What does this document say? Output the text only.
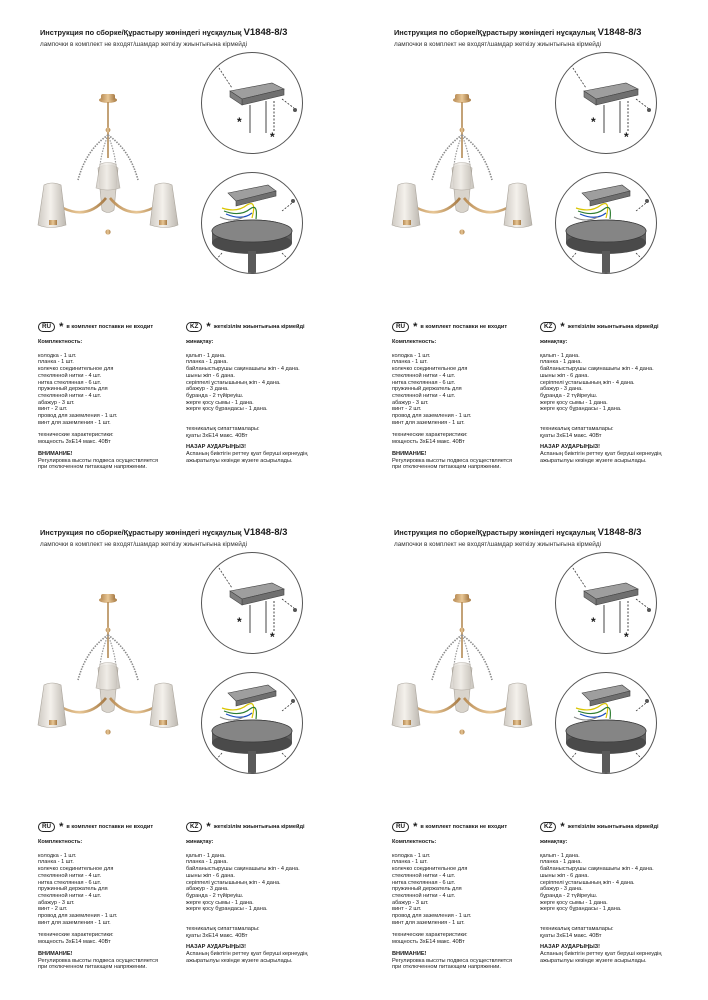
Инструкция по сборке/Құрастыру жөніндегі нұсқаулық V1848-8/3
лампочки в комплект не входят/шамдар жеткізу жиынтығына кірмейді
*
*
RU * в комплект поставки не входит
Комплектность:
колодка - 1 шт.
планка - 1 шт.
колечко соединительное для
стеклянной нитки - 4 шт.
нитка стеклянная - 6 шт.
пружинный держатель для
стеклянной нитки - 4 шт.
абажур - 3 шт.
винт - 2 шт.
провод для заземления - 1 шт.
винт для заземления - 1 шт.
технические характеристики:
мощность 3хЕ14 макс. 40Вт
ВНИМАНИЕ!
Регулировка высоты подвеса осуществляется
при отключенном питающем напряжении.
KZ * жеткізілім жиынтығына кірмейді
жинақтау:
қалып - 1 дана.
планка - 1 дана.
байланыстырушы сақинашығы жіп - 4 дана.
шыны жіп - 6 дана.
серіппелі ұстағышының жіп - 4 дана.
абажур - 3 дана.
бұранда - 2 түйіреуіш.
жерге қосу сымы - 1 дана.
жерге қосу бұрандасы - 1 дана.
техникалық сипаттамалары:
қуаты 3хЕ14 макс. 40Вт
НАЗАР АУДАРЫҢЫЗ!
Аспаның биіктігін реттеу қуат беруші кернеудің
ажыратылуы кезінде жүзеге асырылады.
Инструкция по сборке/Құрастыру жөніндегі нұсқаулық V1848-8/3
лампочки в комплект не входят/шамдар жеткізу жиынтығына кірмейді
*
*
RU * в комплект поставки не входит
Комплектность:
колодка - 1 шт.
планка - 1 шт.
колечко соединительное для
стеклянной нитки - 4 шт.
нитка стеклянная - 6 шт.
пружинный держатель для
стеклянной нитки - 4 шт.
абажур - 3 шт.
винт - 2 шт.
провод для заземления - 1 шт.
винт для заземления - 1 шт.
технические характеристики:
мощность 3хЕ14 макс. 40Вт
ВНИМАНИЕ!
Регулировка высоты подвеса осуществляется
при отключенном питающем напряжении.
KZ * жеткізілім жиынтығына кірмейді
жинақтау:
қалып - 1 дана.
планка - 1 дана.
байланыстырушы сақинашығы жіп - 4 дана.
шыны жіп - 6 дана.
серіппелі ұстағышының жіп - 4 дана.
абажур - 3 дана.
бұранда - 2 түйіреуіш.
жерге қосу сымы - 1 дана.
жерге қосу бұрандасы - 1 дана.
техникалық сипаттамалары:
қуаты 3хЕ14 макс. 40Вт
НАЗАР АУДАРЫҢЫЗ!
Аспаның биіктігін реттеу қуат беруші кернеудің
ажыратылуы кезінде жүзеге асырылады.
Инструкция по сборке/Құрастыру жөніндегі нұсқаулық V1848-8/3
лампочки в комплект не входят/шамдар жеткізу жиынтығына кірмейді
*
*
RU * в комплект поставки не входит
Комплектность:
колодка - 1 шт.
планка - 1 шт.
колечко соединительное для
стеклянной нитки - 4 шт.
нитка стеклянная - 6 шт.
пружинный держатель для
стеклянной нитки - 4 шт.
абажур - 3 шт.
винт - 2 шт.
провод для заземления - 1 шт.
винт для заземления - 1 шт.
технические характеристики:
мощность 3хЕ14 макс. 40Вт
ВНИМАНИЕ!
Регулировка высоты подвеса осуществляется
при отключенном питающем напряжении.
KZ * жеткізілім жиынтығына кірмейді
жинақтау:
қалып - 1 дана.
планка - 1 дана.
байланыстырушы сақинашығы жіп - 4 дана.
шыны жіп - 6 дана.
серіппелі ұстағышының жіп - 4 дана.
абажур - 3 дана.
бұранда - 2 түйіреуіш.
жерге қосу сымы - 1 дана.
жерге қосу бұрандасы - 1 дана.
техникалық сипаттамалары:
қуаты 3хЕ14 макс. 40Вт
НАЗАР АУДАРЫҢЫЗ!
Аспаның биіктігін реттеу қуат беруші кернеудің
ажыратылуы кезінде жүзеге асырылады.
Инструкция по сборке/Құрастыру жөніндегі нұсқаулық V1848-8/3
лампочки в комплект не входят/шамдар жеткізу жиынтығына кірмейді
*
*
RU * в комплект поставки не входит
Комплектность:
колодка - 1 шт.
планка - 1 шт.
колечко соединительное для
стеклянной нитки - 4 шт.
нитка стеклянная - 6 шт.
пружинный держатель для
стеклянной нитки - 4 шт.
абажур - 3 шт.
винт - 2 шт.
провод для заземления - 1 шт.
винт для заземления - 1 шт.
технические характеристики:
мощность 3хЕ14 макс. 40Вт
ВНИМАНИЕ!
Регулировка высоты подвеса осуществляется
при отключенном питающем напряжении.
KZ * жеткізілім жиынтығына кірмейді
жинақтау:
қалып - 1 дана.
планка - 1 дана.
байланыстырушы сақинашығы жіп - 4 дана.
шыны жіп - 6 дана.
серіппелі ұстағышының жіп - 4 дана.
абажур - 3 дана.
бұранда - 2 түйіреуіш.
жерге қосу сымы - 1 дана.
жерге қосу бұрандасы - 1 дана.
техникалық сипаттамалары:
қуаты 3хЕ14 макс. 40Вт
НАЗАР АУДАРЫҢЫЗ!
Аспаның биіктігін реттеу қуат беруші кернеудің
ажыратылуы кезінде жүзеге асырылады.
